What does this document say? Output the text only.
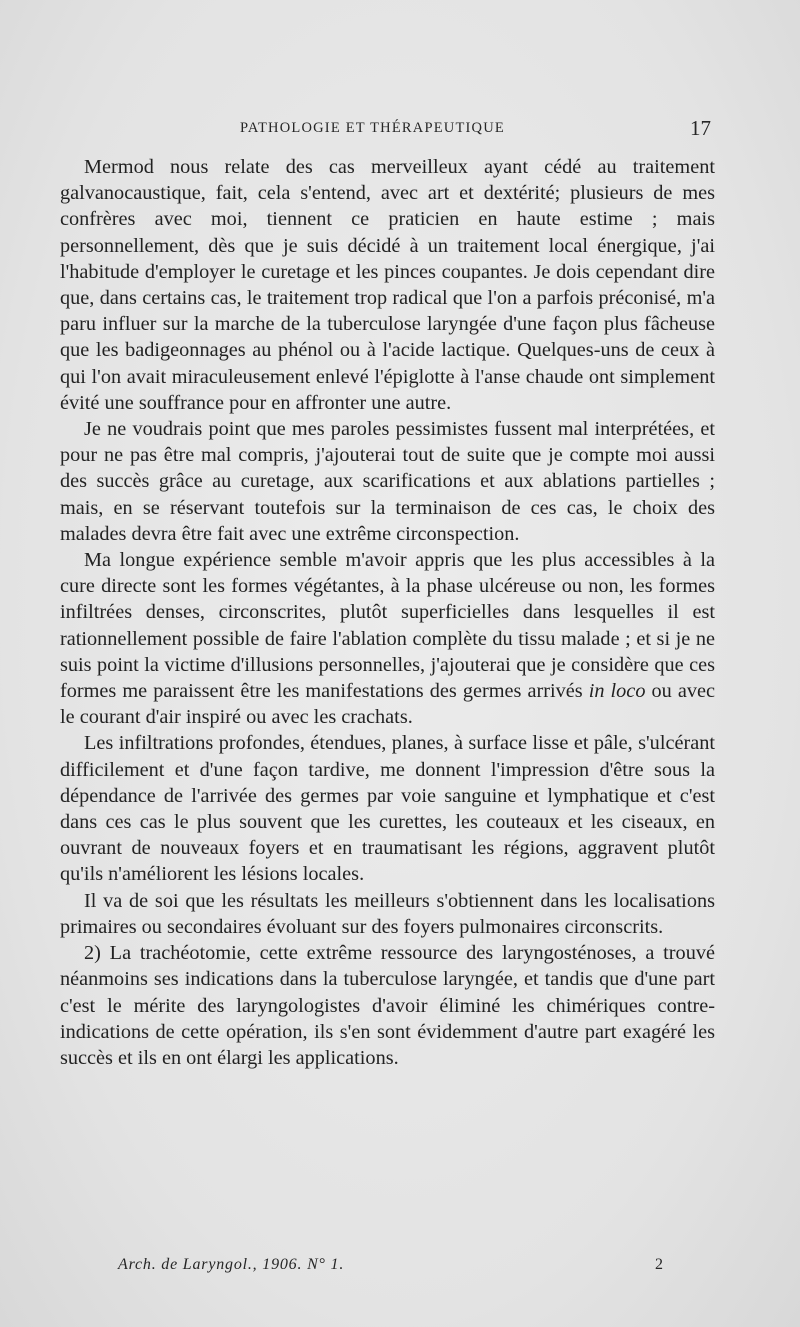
PATHOLOGIE ET THÉRAPEUTIQUE	17

Mermod nous relate des cas merveilleux ayant cédé au traitement galvanocaustique, fait, cela s'entend, avec art et dextérité; plusieurs de mes confrères avec moi, tiennent ce praticien en haute estime ; mais personnellement, dès que je suis décidé à un traitement local énergique, j'ai l'habitude d'employer le curetage et les pinces coupantes. Je dois cependant dire que, dans certains cas, le traitement trop radical que l'on a parfois préconisé, m'a paru influer sur la marche de la tuberculose laryngée d'une façon plus fâcheuse que les badigeonnages au phénol ou à l'acide lactique. Quelques-uns de ceux à qui l'on avait miraculeusement enlevé l'épiglotte à l'anse chaude ont simplement évité une souffrance pour en affronter une autre.

Je ne voudrais point que mes paroles pessimistes fussent mal interprétées, et pour ne pas être mal compris, j'ajouterai tout de suite que je compte moi aussi des succès grâce au curetage, aux scarifications et aux ablations partielles ; mais, en se réservant toutefois sur la terminaison de ces cas, le choix des malades devra être fait avec une extrême circonspection.

Ma longue expérience semble m'avoir appris que les plus accessibles à la cure directe sont les formes végétantes, à la phase ulcéreuse ou non, les formes infiltrées denses, circonscrites, plutôt superficielles dans lesquelles il est rationnellement possible de faire l'ablation complète du tissu malade ; et si je ne suis point la victime d'illusions personnelles, j'ajouterai que je considère que ces formes me paraissent être les manifestations des germes arrivés in loco ou avec le courant d'air inspiré ou avec les crachats.

Les infiltrations profondes, étendues, planes, à surface lisse et pâle, s'ulcérant difficilement et d'une façon tardive, me donnent l'impression d'être sous la dépendance de l'arrivée des germes par voie sanguine et lymphatique et c'est dans ces cas le plus souvent que les curettes, les couteaux et les ciseaux, en ouvrant de nouveaux foyers et en traumatisant les régions, aggravent plutôt qu'ils n'améliorent les lésions locales.

Il va de soi que les résultats les meilleurs s'obtiennent dans les localisations primaires ou secondaires évoluant sur des foyers pulmonaires circonscrits.

2) La trachéotomie, cette extrême ressource des laryngosténoses, a trouvé néanmoins ses indications dans la tuberculose laryngée, et tandis que d'une part c'est le mérite des laryngologistes d'avoir éliminé les chimériques contre-indications de cette opération, ils s'en sont évidemment d'autre part exagéré les succès et ils en ont élargi les applications.

Arch. de Laryngol., 1906. N° 1.	2
